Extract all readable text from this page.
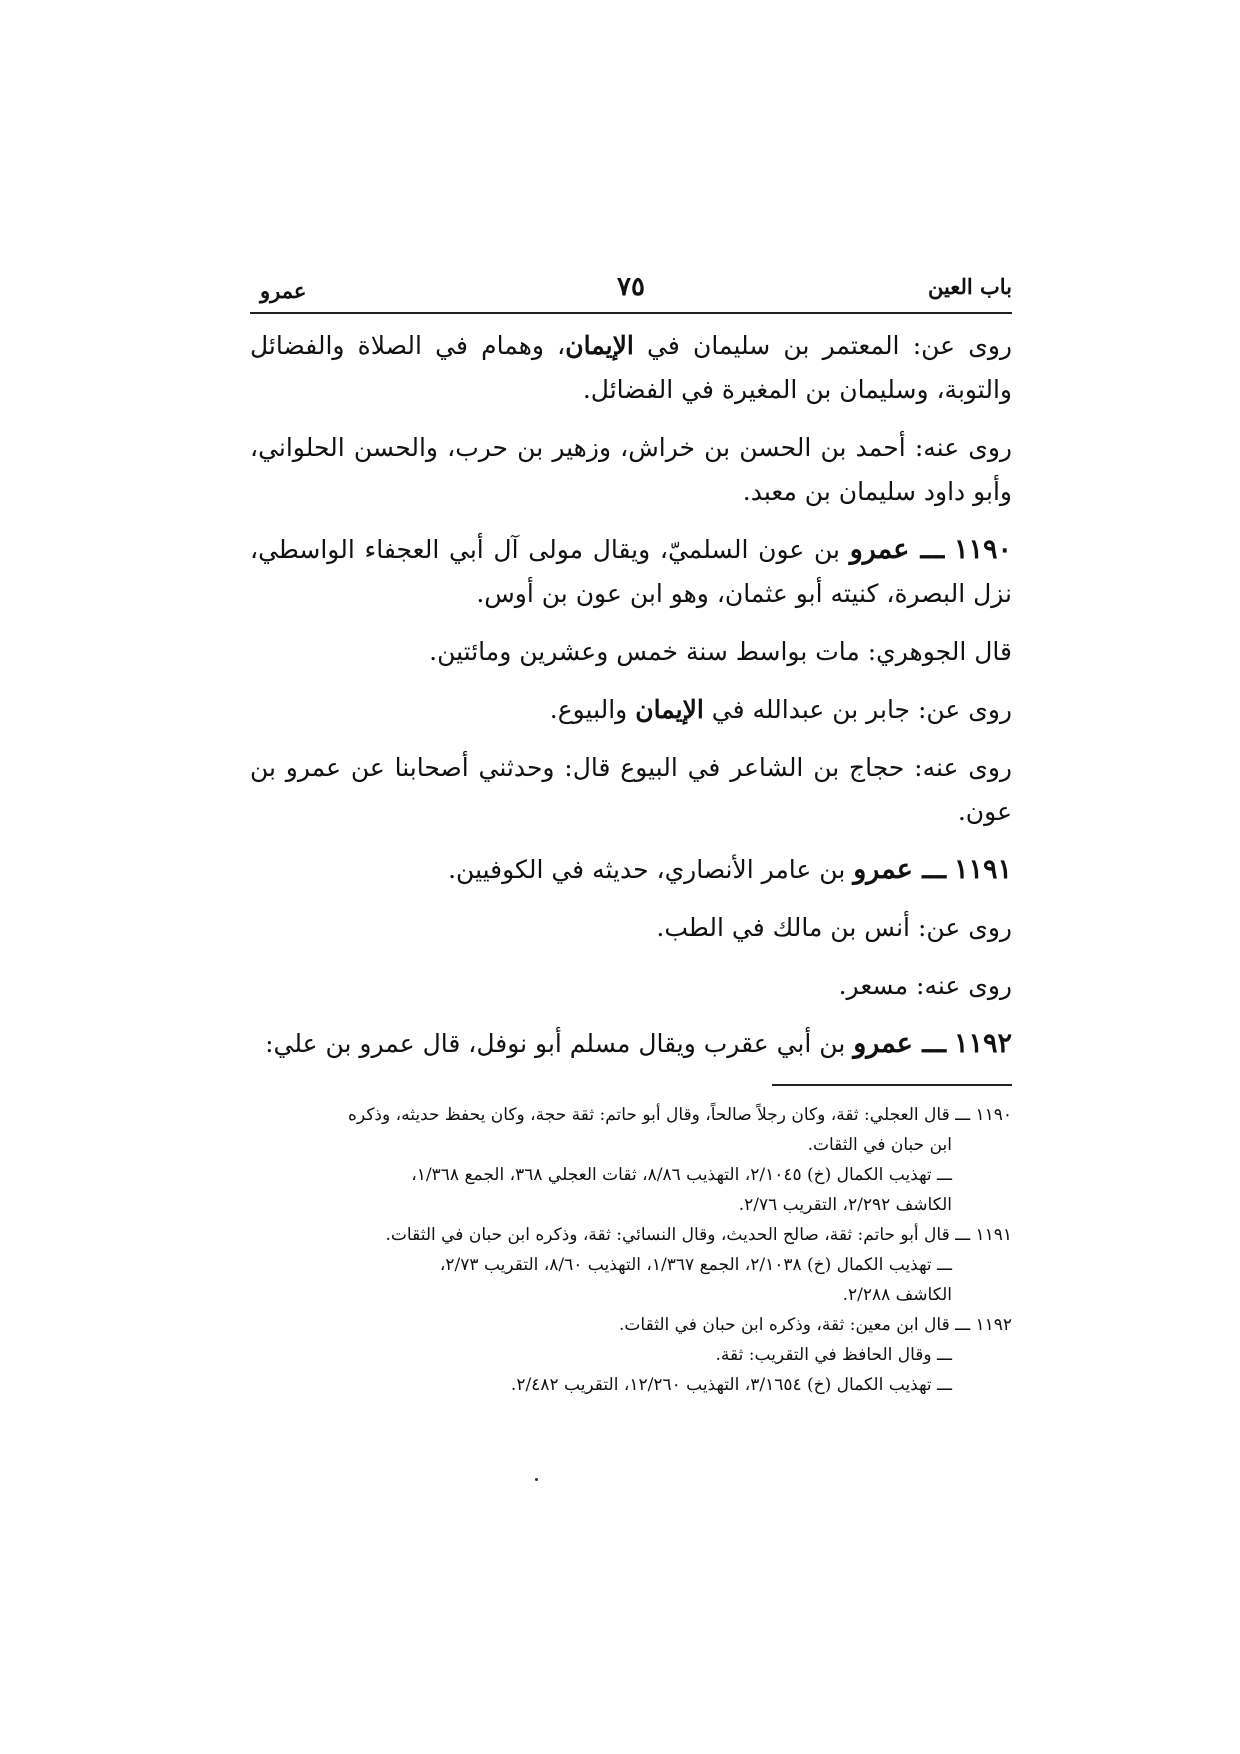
باب العين
٧٥
عمرو

روى عن: المعتمر بن سليمان في الإيمان، وهمام في الصلاة والفضائل والتوبة، وسليمان بن المغيرة في الفضائل.

روى عنه: أحمد بن الحسن بن خراش، وزهير بن حرب، والحسن الحلواني، وأبو داود سليمان بن معبد.

١١٩٠ ـــ عمرو بن عون السلميّ، ويقال مولى آل أبي العجفاء الواسطي، نزل البصرة، كنيته أبو عثمان، وهو ابن عون بن أوس.

قال الجوهري: مات بواسط سنة خمس وعشرين ومائتين.

روى عن: جابر بن عبدالله في الإيمان والبيوع.

روى عنه: حجاج بن الشاعر في البيوع قال: وحدثني أصحابنا عن عمرو بن عون.

١١٩١ ـــ عمرو بن عامر الأنصاري، حديثه في الكوفيين.

روى عن: أنس بن مالك في الطب.

روى عنه: مسعر.

١١٩٢ ـــ عمرو بن أبي عقرب ويقال مسلم أبو نوفل، قال عمرو بن علي:

١١٩٠ ـــ قال العجلي: ثقة، وكان رجلاً صالحاً، وقال أبو حاتم: ثقة حجة، وكان يحفظ حديثه، وذكره
ابن حبان في الثقات.

ـــ تهذيب الكمال (خ) ٢/١٠٤٥، التهذيب ٨/٨٦، ثقات العجلي ٣٦٨، الجمع ١/٣٦٨،
الكاشف ٢/٢٩٢، التقريب ٢/٧٦.

١١٩١ ـــ قال أبو حاتم: ثقة، صالح الحديث، وقال النسائي: ثقة، وذكره ابن حبان في الثقات.

ـــ تهذيب الكمال (خ) ٢/١٠٣٨، الجمع ١/٣٦٧، التهذيب ٨/٦٠، التقريب ٢/٧٣،
الكاشف ٢/٢٨٨.

١١٩٢ ـــ قال ابن معين: ثقة، وذكره ابن حبان في الثقات.

ـــ وقال الحافظ في التقريب: ثقة.

ـــ تهذيب الكمال (خ) ٣/١٦٥٤، التهذيب ١٢/٢٦٠، التقريب ٢/٤٨٢.
